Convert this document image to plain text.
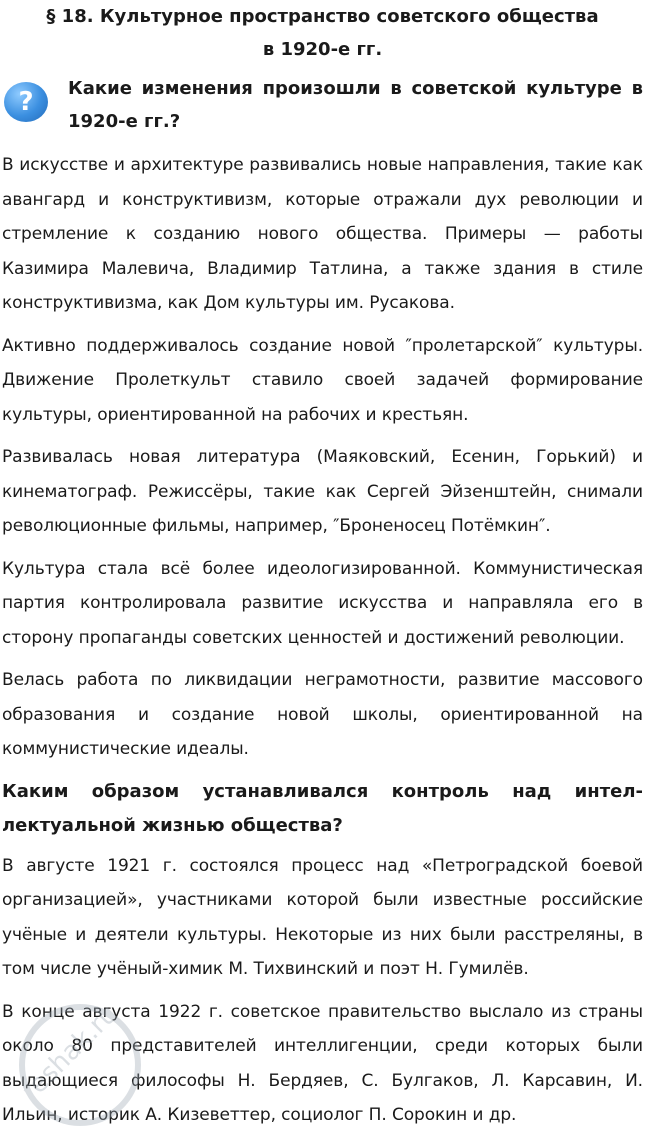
§ 18. Культурное пространство советского общества в 1920-е гг.
?	Какие изменения произошли в советской культуре в 1920-е гг.?

В искусстве и архитектуре развивались новые направления, такие как авангард и конструктивизм, которые отражали дух революции и стремление к созданию нового общества. Примеры — работы Казимира Малевича, Владимир Татлина, а также здания в стиле конструктивизма, как Дом культуры им. Русакова.

Активно поддерживалось создание новой ″пролетарской″ культуры. Движение Пролеткульт ставило своей задачей формирование культуры, ориентированной на рабочих и крестьян.

Развивалась новая литература (Маяковский, Есенин, Горький) и кинематограф. Режиссёры, такие как Сергей Эйзенштейн, снимали революционные фильмы, например, ″Броненосец Потёмкин″.

Культура стала всё более идеологизированной. Коммунистическая партия контролировала развитие искусства и направляла его в сторону пропаганды советских ценностей и достижений революции.

Велась работа по ликвидации неграмотности, развитие массового образования и создание новой школы, ориентированной на коммунистические идеалы.

Каким образом устанавливался контроль над интеллектуальной жизнью общества?

В августе 1921 г. состоялся процесс над «Петроградской боевой организацией», участниками которой были известные российские учёные и деятели культуры. Некоторые из них были расстреляны, в том числе учёный-химик М. Тихвинский и поэт Н. Гумилёв.

В конце августа 1922 г. советское правительство выслало из страны около 80 представителей интеллигенции, среди которых были выдающиеся философы Н. Бердяев, С. Булгаков, Л. Карсавин, И. Ильин, историк А. Кизеветтер, социолог П. Сорокин и др.

reshak.ru
